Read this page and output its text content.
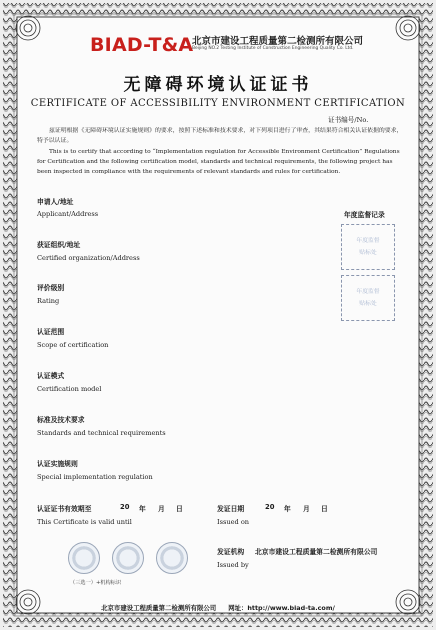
BIAD-T&A
北京市建设工程质量第二检测所有限公司
Beijing NO.2 Testing Institute of Construction Engineering Quality Co. Ltd.
无障碍环境认证证书
CERTIFICATE OF ACCESSIBILITY ENVIRONMENT CERTIFICATION
证书编号/No.
兹证明根据《无障碍环境认证实施规则》的要求，按照下述标准和技术要求，对下列项目进行了审查，其结果符合相关认证依据的要求，特予以认证。
This is to certify that according to “Implementation regulation for Accessible Environment Certification” Regulations for Certification and the following certification model, standards and technical requirements, the following project has been inspected in compliance with the requirements of relevant standards and rules for certification.
申请人/地址
Applicant/Address
获证组织/地址
Certified organization/Address
评价级别
Rating
认证范围
Scope of certification
认证模式
Certification model
标准及技术要求
Standards and technical requirements
认证实施规则
Special implementation regulation
年度监督记录
年度监督
贴标处
年度监督
贴标处
认证证书有效期至	20 年 月 日
This Certificate is valid until
发证日期	20 年 月 日
Issued on
（三选一）+机构标识
发证机构 北京市建设工程质量第二检测所有限公司
Issued by
北京市建设工程质量第二检测所有限公司 网址：http://www.biad-ta.com/
